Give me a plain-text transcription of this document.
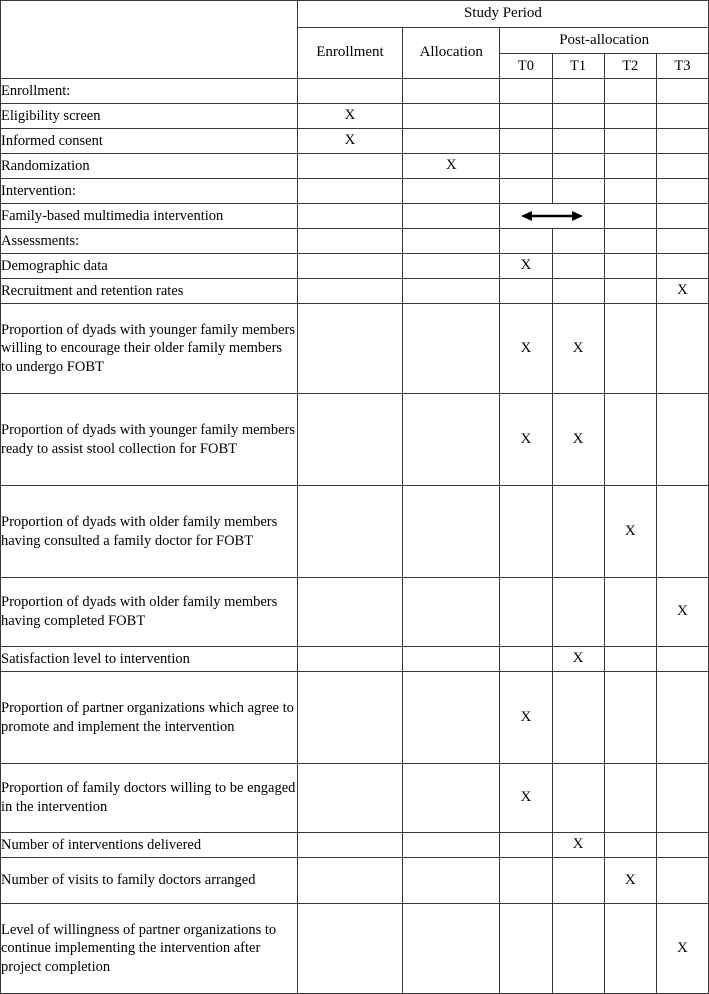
	Study Period					
	Enrollment	Allocation	Post-allocation			
			T0	T1	T2	T3
Enrollment:						
Eligibility screen	X					
Informed consent	X					
Randomization		X				
Intervention:						
Family-based multimedia intervention			

Assessments:						
Demographic data			X			
Recruitment and retention rates						X
Proportion of dyads with younger family members willing to encourage their older family members to undergo FOBT			X	X		
Proportion of dyads with younger family members ready to assist stool collection for FOBT			X	X		
Proportion of dyads with older family members having consulted a family doctor for FOBT					X	
Proportion of dyads with older family members having completed FOBT						X
Satisfaction level to intervention				X		
Proportion of partner organizations which agree to promote and implement the intervention			X			
Proportion of family doctors willing to be engaged in the intervention			X			
Number of interventions delivered				X		
Number of visits to family doctors arranged					X	
Level of willingness of partner organizations to continue implementing the intervention after project completion						X
